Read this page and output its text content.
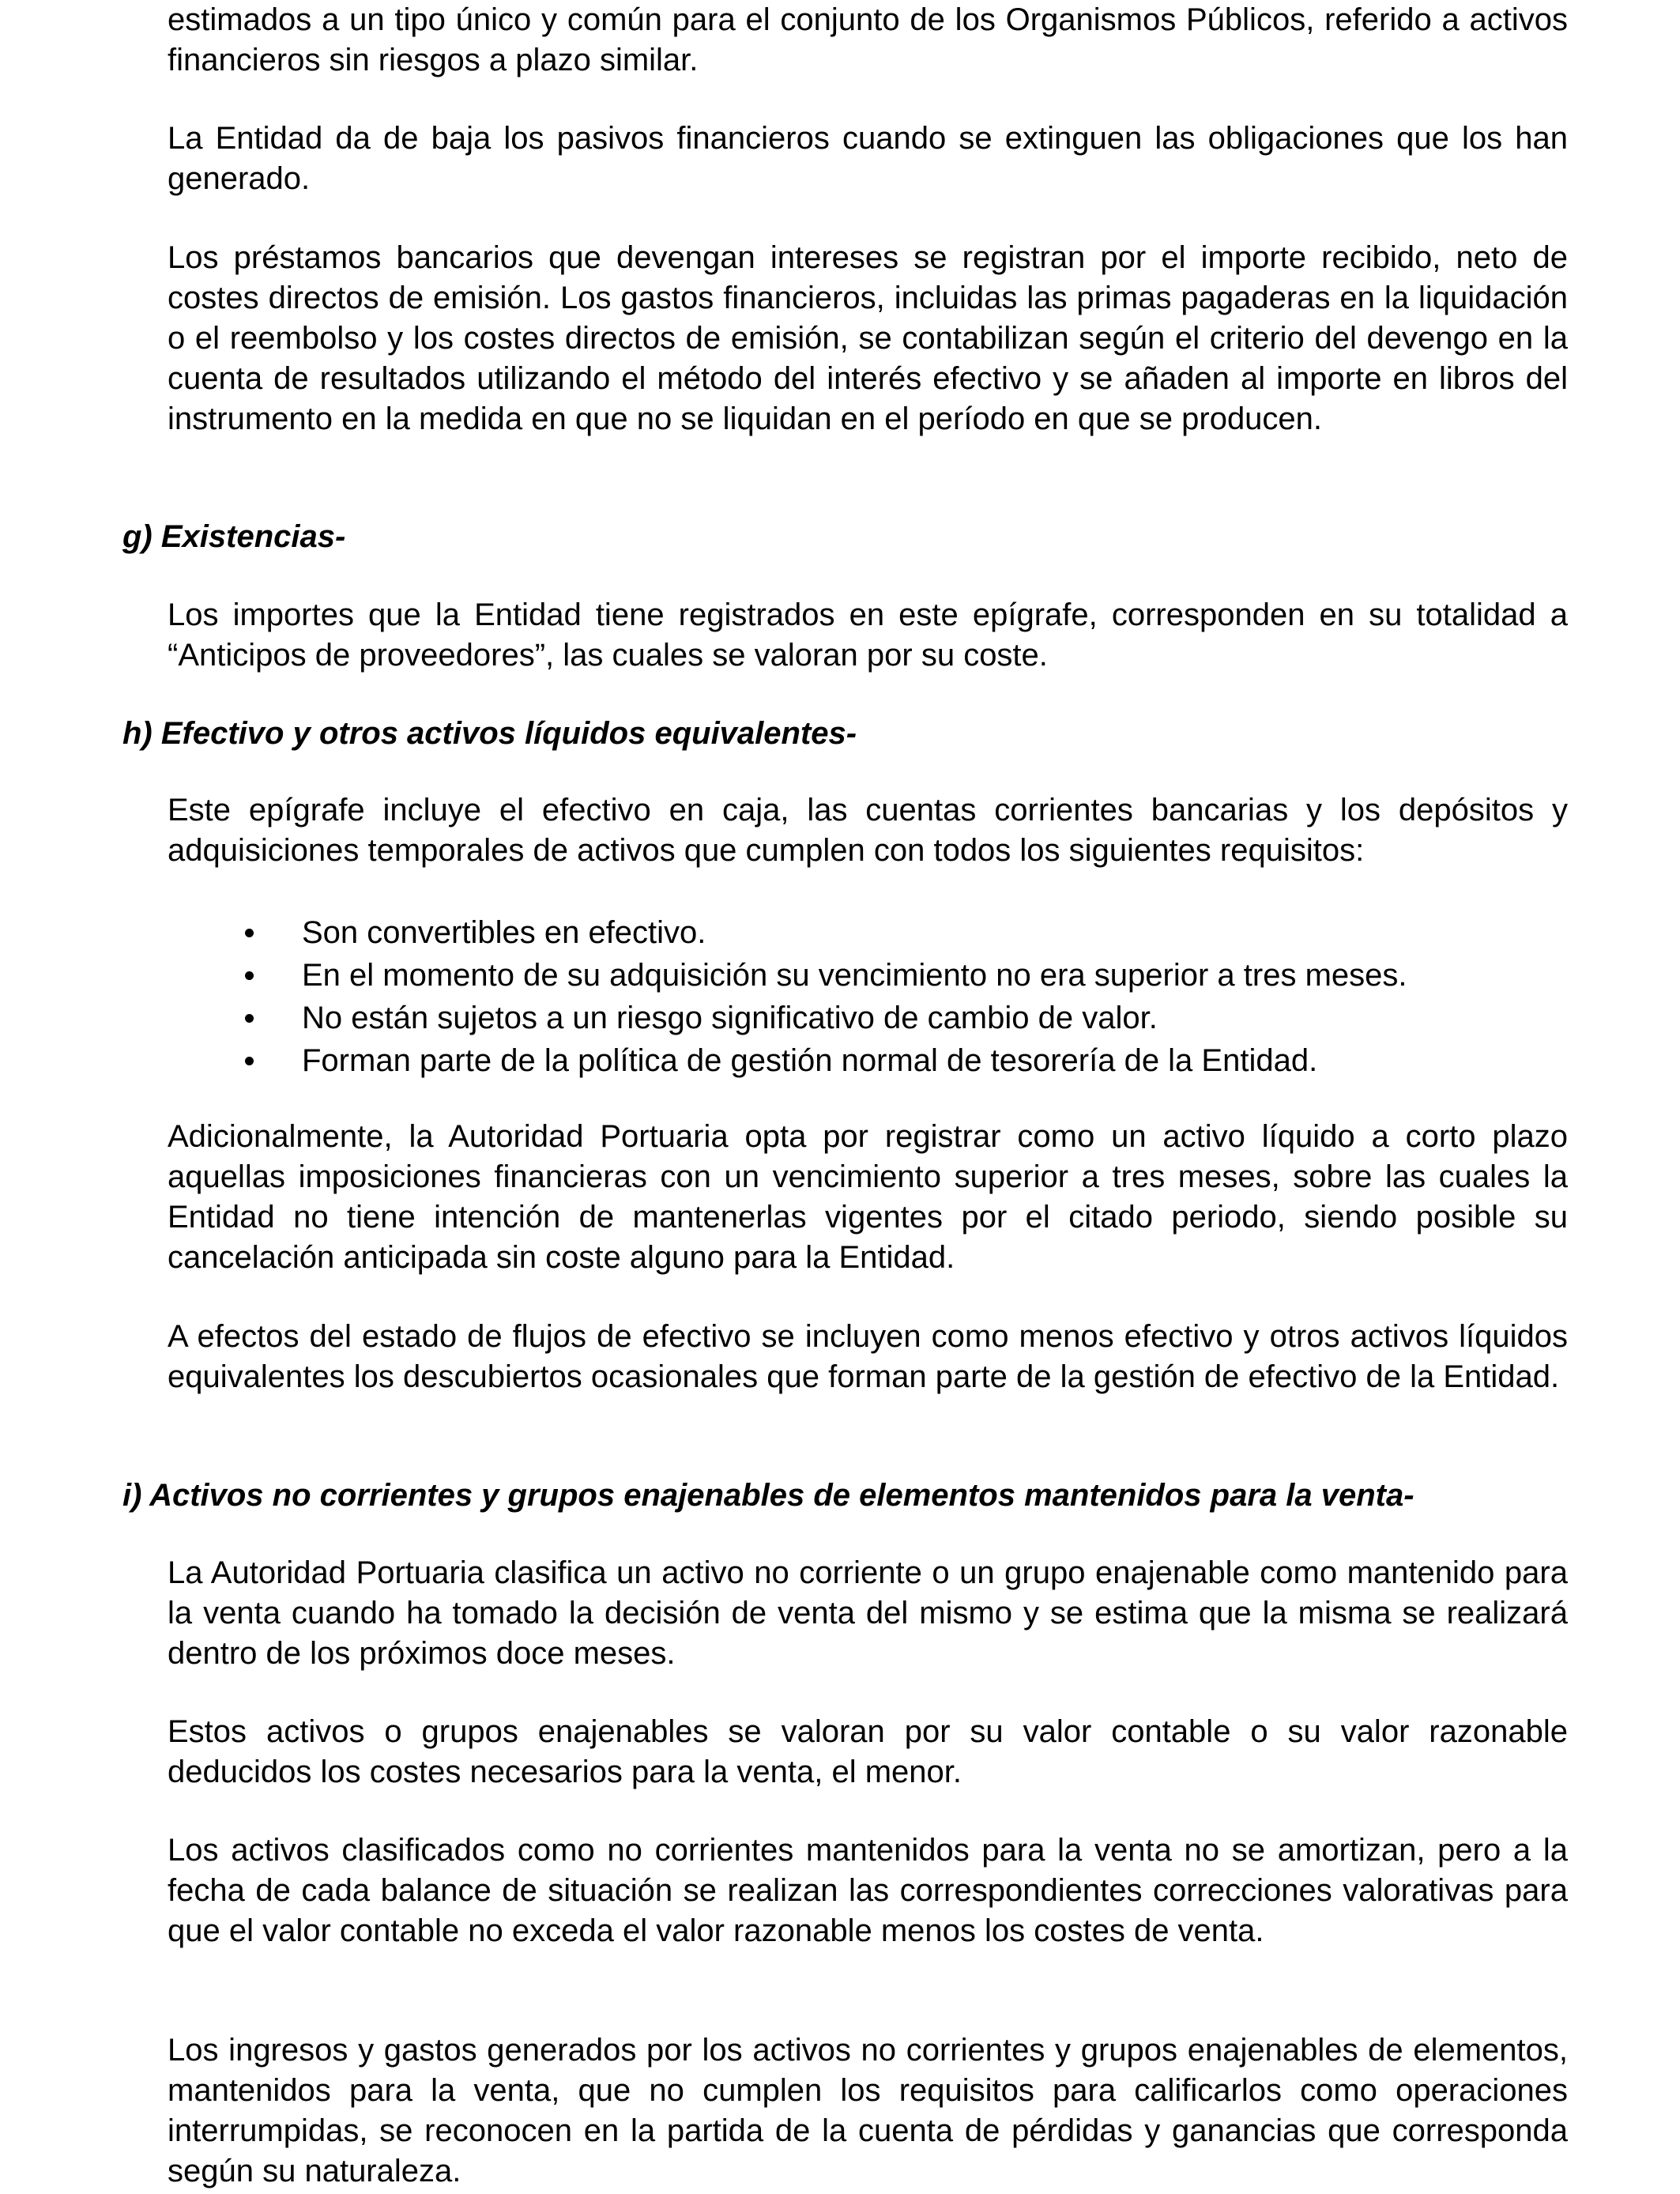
estimados a un tipo único y común para el conjunto de los Organismos Públicos, referido a activos financieros sin riesgos a plazo similar.

La Entidad da de baja los pasivos financieros cuando se extinguen las obligaciones que los han generado.

Los préstamos bancarios que devengan intereses se registran por el importe recibido, neto de costes directos de emisión. Los gastos financieros, incluidas las primas pagaderas en la liquidación o el reembolso y los costes directos de emisión, se contabilizan según el criterio del devengo en la cuenta de resultados utilizando el método del interés efectivo y se añaden al importe en libros del instrumento en la medida en que no se liquidan en el período en que se producen.

g) Existencias-

Los importes que la Entidad tiene registrados en este epígrafe, corresponden en su totalidad a “Anticipos de proveedores”, las cuales se valoran por su coste.

h) Efectivo y otros activos líquidos equivalentes-

Este epígrafe incluye el efectivo en caja, las cuentas corrientes bancarias y los depósitos y adquisiciones temporales de activos que cumplen con todos los siguientes requisitos:

Son convertibles en efectivo.
En el momento de su adquisición su vencimiento no era superior a tres meses.
No están sujetos a un riesgo significativo de cambio de valor.
Forman parte de la política de gestión normal de tesorería de la Entidad.

Adicionalmente, la Autoridad Portuaria opta por registrar como un activo líquido a corto plazo aquellas imposiciones financieras con un vencimiento superior a tres meses, sobre las cuales la Entidad no tiene intención de mantenerlas vigentes por el citado periodo, siendo posible su cancelación anticipada sin coste alguno para la Entidad.

A efectos del estado de flujos de efectivo se incluyen como menos efectivo y otros activos líquidos equivalentes los descubiertos ocasionales que forman parte de la gestión de efectivo de la Entidad.

i) Activos no corrientes y grupos enajenables de elementos mantenidos para la venta-

La Autoridad Portuaria clasifica un activo no corriente o un grupo enajenable como mantenido para la venta cuando ha tomado la decisión de venta del mismo y se estima que la misma se realizará dentro de los próximos doce meses.

Estos activos o grupos enajenables se valoran por su valor contable o su valor razonable deducidos los costes necesarios para la venta, el menor.

Los activos clasificados como no corrientes mantenidos para la venta no se amortizan, pero a la fecha de cada balance de situación se realizan las correspondientes correcciones valorativas para que el valor contable no exceda el valor razonable menos los costes de venta.

Los ingresos y gastos generados por los activos no corrientes y grupos enajenables de elementos, mantenidos para la venta, que no cumplen los requisitos para calificarlos como operaciones interrumpidas, se reconocen en la partida de la cuenta de pérdidas y ganancias que corresponda según su naturaleza.
